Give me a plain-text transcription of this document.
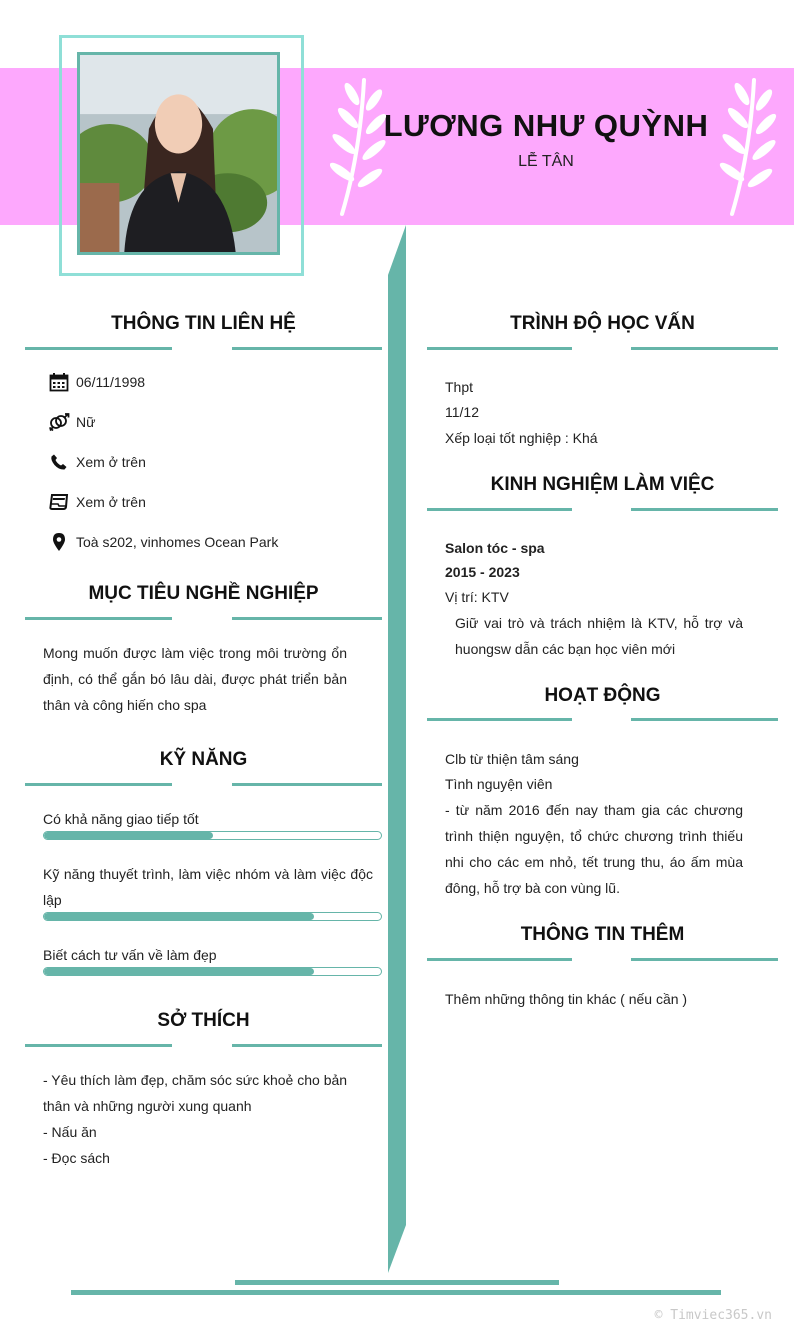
LƯƠNG NHƯ QUỲNH
LỄ TÂN
THÔNG TIN LIÊN HỆ
06/11/1998
Nữ
Xem ở trên
Xem ở trên
Toà s202, vinhomes Ocean Park
MỤC TIÊU NGHỀ NGHIỆP
Mong muốn được làm việc trong môi trường ổn định, có thể gắn bó lâu dài, được phát triển bản thân và công hiến cho spa
KỸ NĂNG
Có khả năng giao tiếp tốt
Kỹ năng thuyết trình, làm việc nhóm và làm việc độc lập
Biết cách tư vấn về làm đẹp
SỞ THÍCH
- Yêu thích làm đẹp, chăm sóc sức khoẻ cho bản thân và những người xung quanh
- Nấu ăn
- Đọc sách
TRÌNH ĐỘ HỌC VẤN
Thpt
11/12
Xếp loại tốt nghiệp : Khá
KINH NGHIỆM LÀM VIỆC
Salon tóc - spa
2015 - 2023
Vị trí: KTV
Giữ vai trò và trách nhiệm là KTV, hỗ trợ và huongsw dẫn các bạn học viên mới
HOẠT ĐỘNG
Clb từ thiện tâm sáng
Tình nguyện viên
- từ năm 2016 đến nay tham gia các chương trình thiện nguyện, tổ chức chương trình thiếu nhi cho các em nhỏ, tết trung thu, áo ấm mùa đông, hỗ trợ bà con vùng lũ.
THÔNG TIN THÊM
Thêm những thông tin khác ( nếu cần )
© Timviec365.vn
